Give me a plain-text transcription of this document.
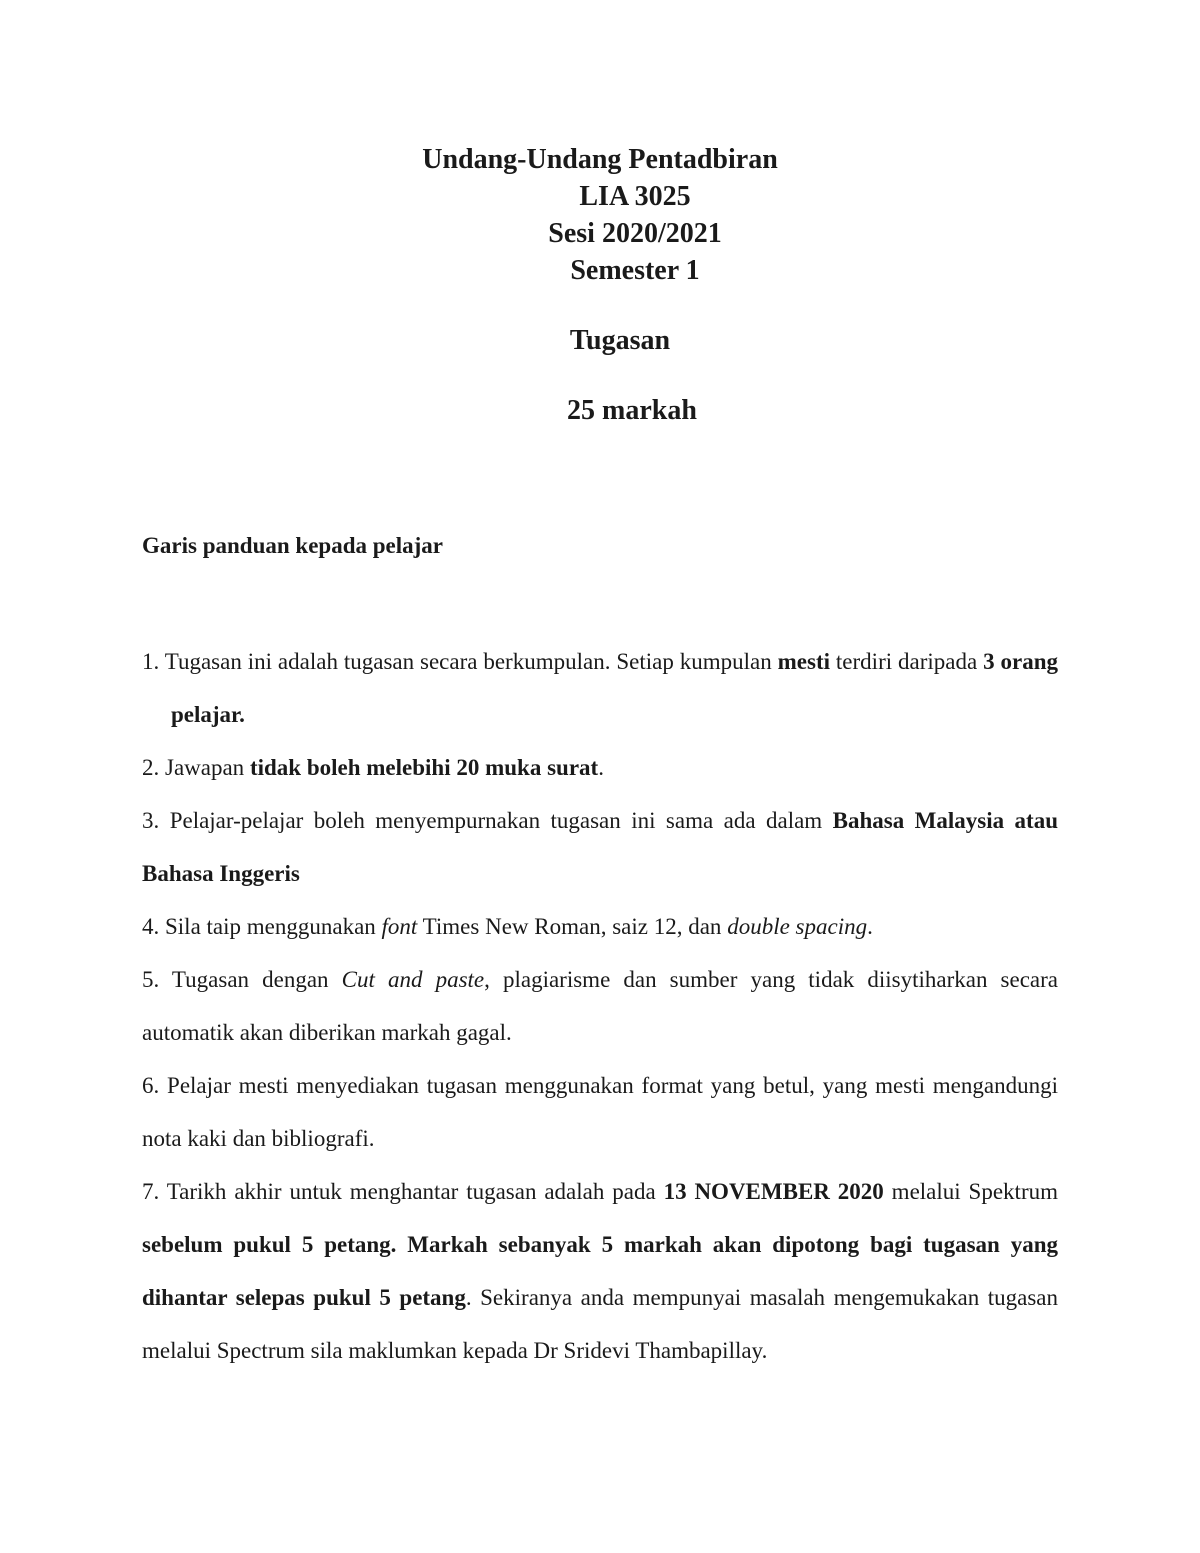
Undang-Undang Pentadbiran
LIA 3025
Sesi 2020/2021
Semester 1
Tugasan
25 markah
Garis panduan kepada pelajar

1. Tugasan ini adalah tugasan secara berkumpulan. Setiap kumpulan mesti terdiri daripada 3 orang pelajar.

2. Jawapan tidak boleh melebihi 20 muka surat.

3. Pelajar-pelajar boleh menyempurnakan tugasan ini sama ada dalam Bahasa Malaysia atau Bahasa Inggeris

4. Sila taip menggunakan font Times New Roman, saiz 12, dan double spacing.

5. Tugasan dengan Cut and paste, plagiarisme dan sumber yang tidak diisytiharkan secara automatik akan diberikan markah gagal.

6. Pelajar mesti menyediakan tugasan menggunakan format yang betul, yang mesti mengandungi nota kaki dan bibliografi.

7. Tarikh akhir untuk menghantar tugasan adalah pada 13 NOVEMBER 2020 melalui Spektrum sebelum pukul 5 petang. Markah sebanyak 5 markah akan dipotong bagi tugasan yang dihantar selepas pukul 5 petang. Sekiranya anda mempunyai masalah mengemukakan tugasan melalui Spectrum sila maklumkan kepada Dr Sridevi Thambapillay.
